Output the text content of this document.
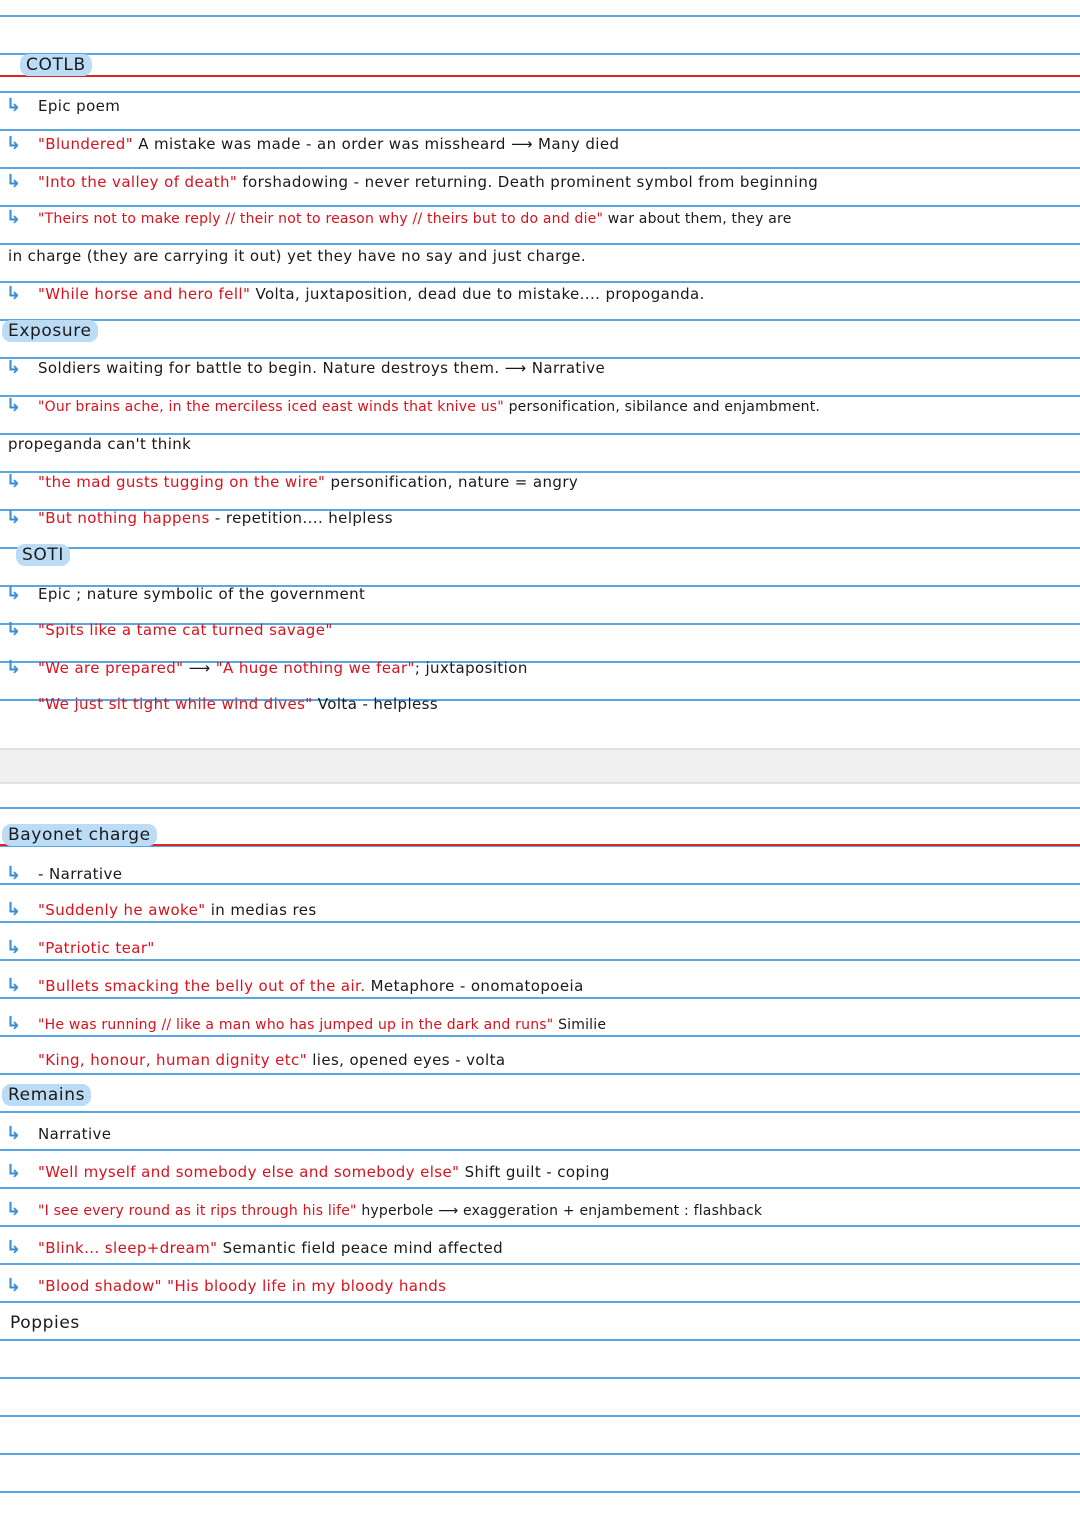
COTLB
↳ Epic poem
↳ "Blundered" A mistake was made - an order was missheard ⟶ Many died
↳ "Into the valley of death" forshadowing - never returning. Death prominent symbol from beginning
↳ "Theirs not to make reply // their not to reason why // theirs but to do and die" war about them, they are
in charge (they are carrying it out) yet they have no say and just charge.
↳ "While horse and hero fell" Volta, juxtaposition, dead due to mistake.... propoganda.
Exposure
↳ Soldiers waiting for battle to begin. Nature destroys them. ⟶ Narrative
↳ "Our brains ache, in the merciless iced east winds that knive us" personification, sibilance and enjambment.
propeganda can't think
↳ "the mad gusts tugging on the wire" personification, nature = angry
↳ "But nothing happens - repetition.... helpless
SOTI
↳ Epic ; nature symbolic of the government
↳ "Spits like a tame cat turned savage"
↳ "We are prepared" ⟶ "A huge nothing we fear"; juxtaposition
"We just sit tight while wind dives" Volta - helpless
Bayonet charge
↳ - Narrative
↳ "Suddenly he awoke" in medias res
↳ "Patriotic tear"
↳ "Bullets smacking the belly out of the air. Metaphore - onomatopoeia
↳ "He was running // like a man who has jumped up in the dark and runs" Similie
"King, honour, human dignity etc" lies, opened eyes - volta
Remains
↳ Narrative
↳ "Well myself and somebody else and somebody else" Shift guilt - coping
↳ "I see every round as it rips through his life" hyperbole ⟶ exaggeration + enjambement : flashback
↳ "Blink... sleep+dream" Semantic field peace mind affected
↳ "Blood shadow" "His bloody life in my bloody hands
Poppies
